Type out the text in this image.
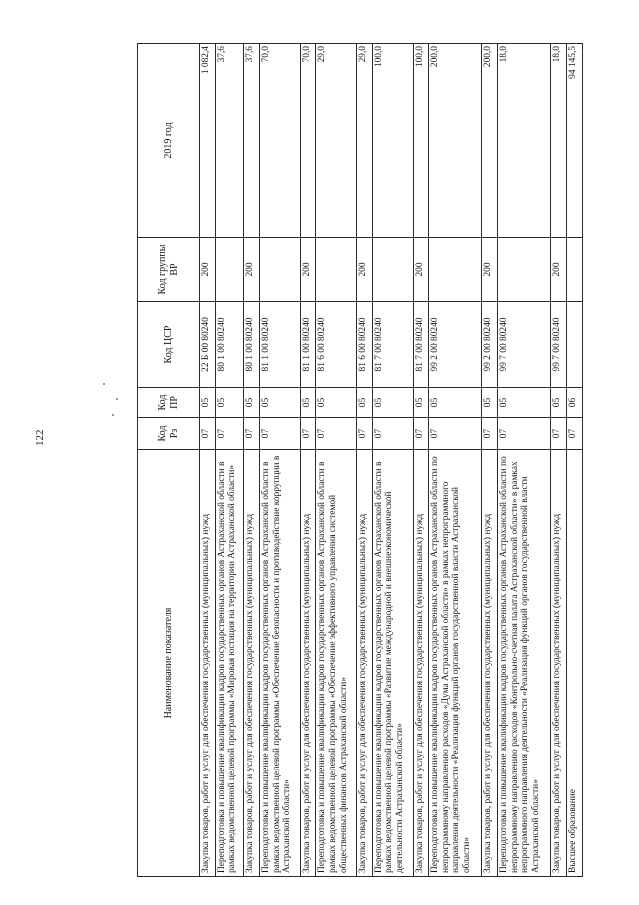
122
Наименование показателя	Код Рз	Код ПР	Код ЦСР	Код группы ВР	2019 год
Закупка товаров, работ и услуг для обеспечения государственных (муниципальных) нужд	07	05	22 Б 00 80240	200	1 082,4
Переподготовка и повышение квалификации кадров государственных органов Астраханской области в рамках ведомственной целевой программы «Мировая юстиция на территории Астраханской области»	07	05	80 1 00 80240		37,6
Закупка товаров, работ и услуг для обеспечения государственных (муниципальных) нужд	07	05	80 1 00 80240	200	37,6
Переподготовка и повышение квалификации кадров государственных органов Астраханской области в рамках ведомственной целевой программы «Обеспечение безопасности и противодействие коррупции в Астраханской области»	07	05	81 1 00 80240		70,0
Закупка товаров, работ и услуг для обеспечения государственных (муниципальных) нужд	07	05	81 1 00 80240	200	70,0
Переподготовка и повышение квалификации кадров государственных органов Астраханской области в рамках ведомственной целевой программы «Обеспечение эффективного управления системой общественных финансов Астраханской области»	07	05	81 6 00 80240		29,0
Закупка товаров, работ и услуг для обеспечения государственных (муниципальных) нужд	07	05	81 6 00 80240	200	29,0
Переподготовка и повышение квалификации кадров государственных органов Астраханской области в рамках ведомственной целевой программы «Развитие международной и внешнеэкономической деятельности Астраханской области»	07	05	81 7 00 80240		100,0
Закупка товаров, работ и услуг для обеспечения государственных (муниципальных) нужд	07	05	81 7 00 80240	200	100,0
Переподготовка и повышение квалификации кадров государственных органов Астраханской области по непрограммному направлению расходов «Дума Астраханской области» в рамках непрограммного направления деятельности «Реализация функций органов государственной власти Астраханской области»	07	05	99 2 00 80240		200,0
Закупка товаров, работ и услуг для обеспечения государственных (муниципальных) нужд	07	05	99 2 00 80240	200	200,0
Переподготовка и повышение квалификации кадров государственных органов Астраханской области по непрограммному направлению расходов «Контрольно-счетная палата Астраханской области» в рамках непрограммного направления деятельности «Реализация функций органов государственной власти Астраханской области»	07	05	99 7 00 80240		18,0
Закупка товаров, работ и услуг для обеспечения государственных (муниципальных) нужд	07	05	99 7 00 80240	200	18,0
Высшее образование	07	06			94 145,5
